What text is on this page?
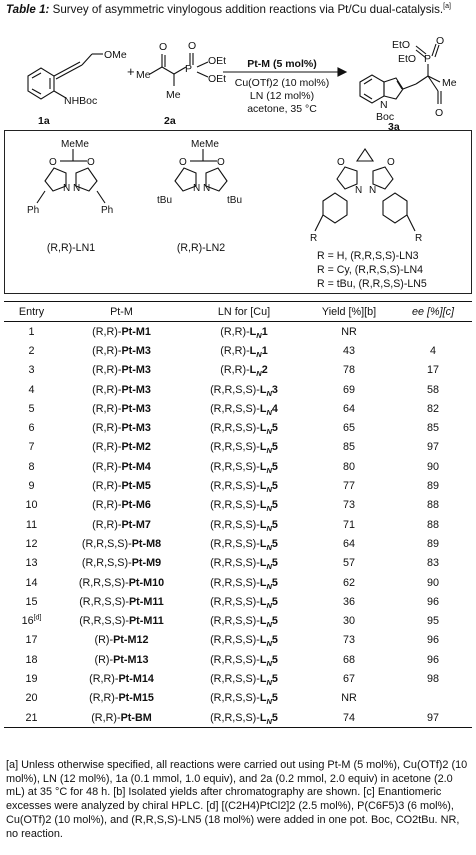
Table 1: Survey of asymmetric vinylogous addition reactions via Pt/Cu dual-catalysis.[a]
OMe
NHBoc
1a
+
O
Me	P
O
OEt
OEt
Me
2a
Pt-M (5 mol%)
Cu(OTf)2 (10 mol%)
LN (12 mol%)
acetone, 35 °C
EtO
EtO P
O
Me
O
N
Boc
3a
O	O
N N
Me Me
Ph	Ph
O	O
N N
Me Me
tBu	tBu
O	O
N N
R	R
(R,R)-LN1	(R,R)-LN2
R = H, (R,R,S,S)-LN3
R = Cy, (R,R,S,S)-LN4
R = tBu, (R,R,S,S)-LN5
Entry	Pt-M	LN for [Cu]	Yield [%][b]	ee [%][c]
1	(R,R)-Pt-M1	$(R,R)-L_N1$	NR	
2	(R,R)-Pt-M3	$(R,R)-L_N1$	43	4
3	(R,R)-Pt-M3	$(R,R)-L_N2$	78	17
4	(R,R)-Pt-M3	$(R,R,S,S)-L_N3$	69	58
5	(R,R)-Pt-M3	$(R,R,S,S)-L_N4$	64	82
6	(R,R)-Pt-M3	$(R,R,S,S)-L_N5$	65	85
7	(R,R)-Pt-M2	$(R,R,S,S)-L_N5$	85	97
8	(R,R)-Pt-M4	$(R,R,S,S)-L_N5$	80	90
9	(R,R)-Pt-M5	$(R,R,S,S)-L_N5$	77	89
10	(R,R)-Pt-M6	$(R,R,S,S)-L_N5$	73	88
11	(R,R)-Pt-M7	$(R,R,S,S)-L_N5$	71	88
12	(R,R,S,S)-Pt-M8	$(R,R,S,S)-L_N5$	64	89
13	(R,R,S,S)-Pt-M9	$(R,R,S,S)-L_N5$	57	83
14	(R,R,S,S)-Pt-M10	$(R,R,S,S)-L_N5$	62	90
15	(R,R,S,S)-Pt-M11	$(R,R,S,S)-L_N5$	36	96
16[d]	(R,R,S,S)-Pt-M11	$(R,R,S,S)-L_N5$	30	95
17	(R)-Pt-M12	$(R,R,S,S)-L_N5$	73	96
18	(R)-Pt-M13	$(R,R,S,S)-L_N5$	68	96
19	(R,R)-Pt-M14	$(R,R,S,S)-L_N5$	67	98
20	(R,R)-Pt-M15	$(R,R,S,S)-L_N5$	NR	
21	(R,R)-Pt-BM	$(R,R,S,S)-L_N5$	74	97
[a] Unless otherwise specified, all reactions were carried out using Pt-M (5 mol%), Cu(OTf)2 (10 mol%), LN (12 mol%), 1a (0.1 mmol, 1.0 equiv), and 2a (0.2 mmol, 2.0 equiv) in acetone (2.0 mL) at 35 °C for 48 h. [b] Isolated yields after chromatography are shown. [c] Enantiomeric excesses were analyzed by chiral HPLC. [d] [(C2H4)PtCl2]2 (2.5 mol%), P(C6F5)3 (6 mol%), Cu(OTf)2 (10 mol%), and (R,R,S,S)-LN5 (18 mol%) were added in one pot. Boc, CO2tBu. NR, no reaction.
